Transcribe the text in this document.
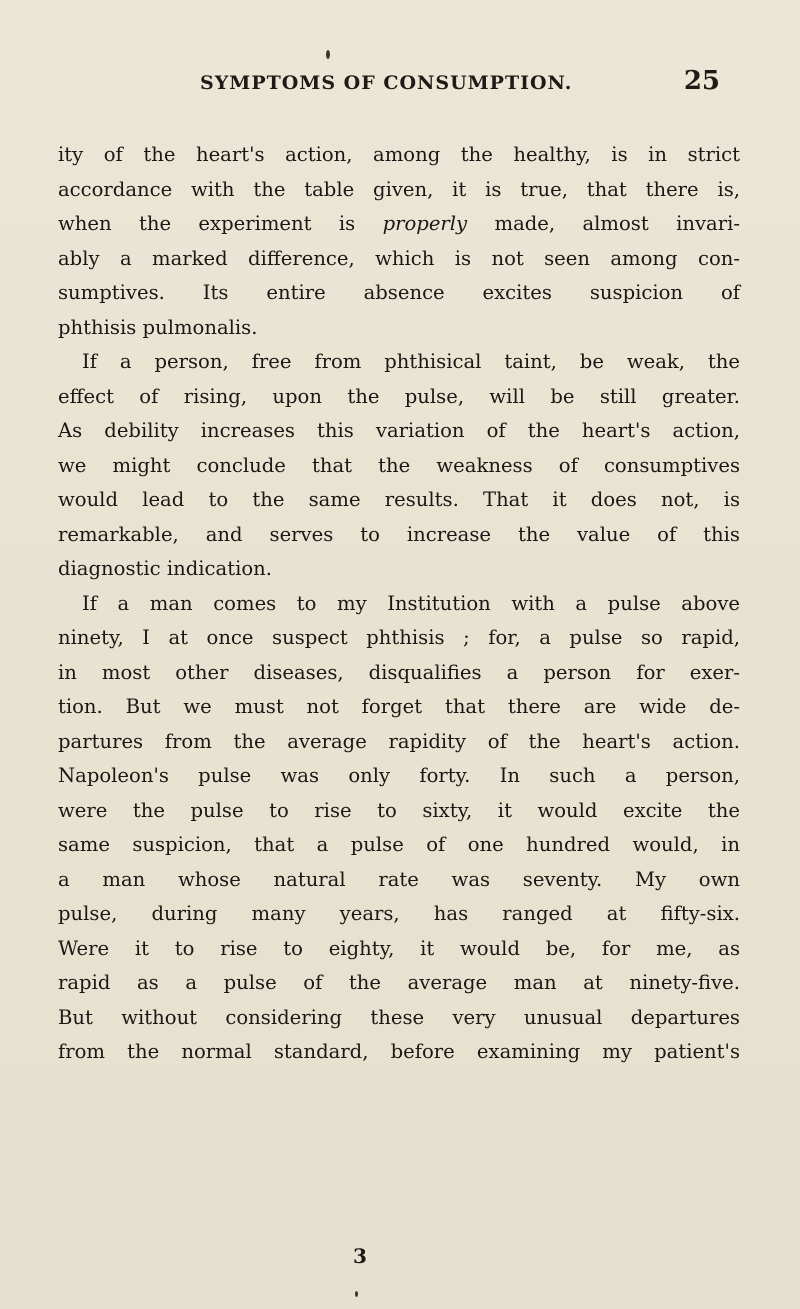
SYMPTOMS OF CONSUMPTION.	25
ity of the heart's action, among the healthy, is in strict
accordance with the table given, it is true, that there is,
when the experiment is properly made, almost invari-
ably a marked difference, which is not seen among con-
sumptives. Its entire absence excites suspicion of
phthisis pulmonalis.
If a person, free from phthisical taint, be weak, the
effect of rising, upon the pulse, will be still greater.
As debility increases this variation of the heart's action,
we might conclude that the weakness of consumptives
would lead to the same results. That it does not, is
remarkable, and serves to increase the value of this
diagnostic indication.
If a man comes to my Institution with a pulse above
ninety, I at once suspect phthisis ; for, a pulse so rapid,
in most other diseases, disqualifies a person for exer-
tion. But we must not forget that there are wide de-
partures from the average rapidity of the heart's action.
Napoleon's pulse was only forty. In such a person,
were the pulse to rise to sixty, it would excite the
same suspicion, that a pulse of one hundred would, in
a man whose natural rate was seventy. My own
pulse, during many years, has ranged at fifty-six.
Were it to rise to eighty, it would be, for me, as
rapid as a pulse of the average man at ninety-five.
But without considering these very unusual departures
from the normal standard, before examining my patient's
3
